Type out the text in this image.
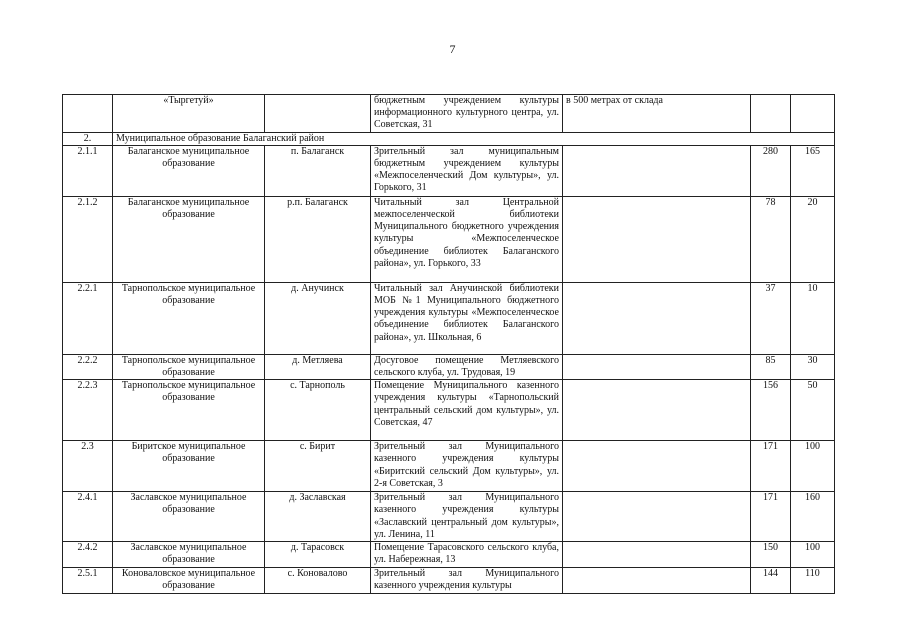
7
	«Тыргетуй»		бюджетным учреждением культуры информационного культурного центра, ул. Советская, 31	в 500 метрах от склада		
2.	Муниципальное образование Балаганский район					
2.1.1	Балаганское муниципальное образование	п. Балаганск	Зрительный зал муниципальным бюджетным учреждением культуры «Межпоселенческий Дом культуры», ул. Горького, 31		280	165
2.1.2	Балаганское муниципальное образование	р.п. Балаганск	Читальный зал Центральной межпоселенческой библиотеки Муниципального бюджетного учреждения культуры «Межпоселенческое объединение библиотек Балаганского района», ул. Горького, 33		78	20
2.2.1	Тарнопольское муниципальное образование	д. Анучинск	Читальный зал Анучинской библиотеки МОБ №1 Муниципального бюджетного учреждения культуры «Межпоселенческое объединение библиотек Балаганского района», ул. Школьная, 6		37	10
2.2.2	Тарнопольское муниципальное образование	д. Метляева	Досуговое помещение Метляевского сельского клуба, ул. Трудовая, 19		85	30
2.2.3	Тарнопольское муниципальное образование	с. Тарнополь	Помещение Муниципального казенного учреждения культуры «Тарнопольский центральный сельский дом культуры», ул. Советская, 47		156	50
2.3	Биритское муниципальное образование	с. Бирит	Зрительный зал Муниципального казенного учреждения культуры «Биритский сельский Дом культуры», ул. 2-я Советская, 3		171	100
2.4.1	Заславское муниципальное образование	д. Заславская	Зрительный зал Муниципального казенного учреждения культуры «Заславский центральный дом культуры», ул. Ленина, 11		171	160
2.4.2	Заславское муниципальное образование	д. Тарасовск	Помещение Тарасовского сельского клуба, ул. Набережная, 13		150	100
2.5.1	Коноваловское муниципальное образование	с. Коновалово	Зрительный зал Муниципального казенного учреждения культуры		144	110
